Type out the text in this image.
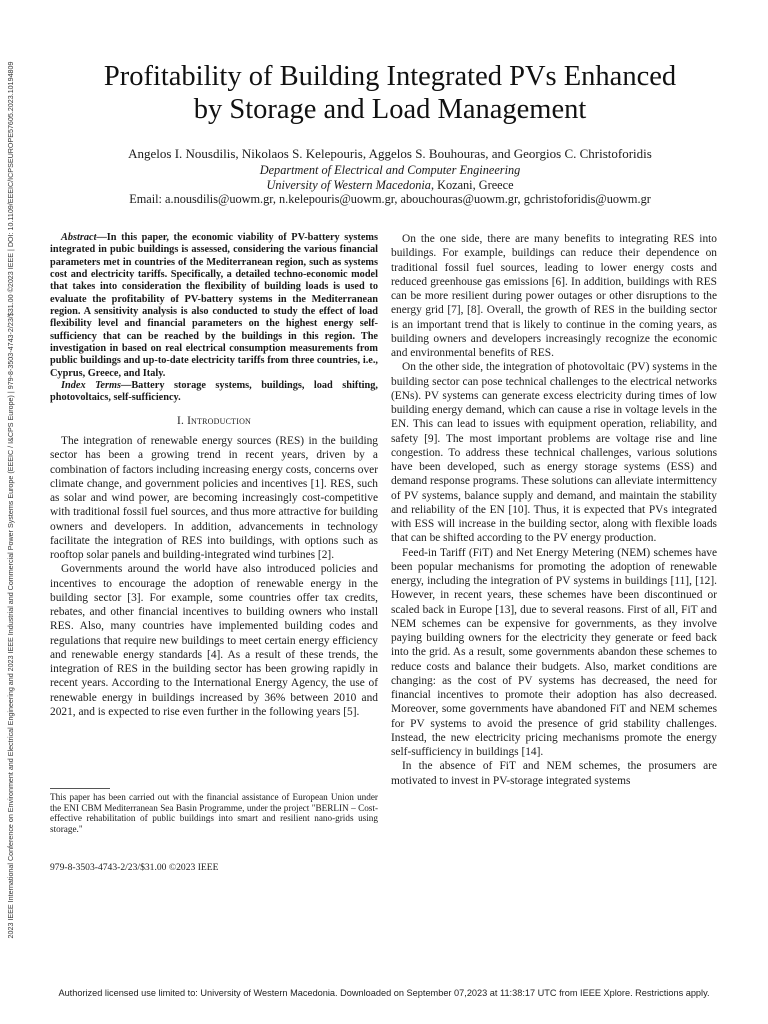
2023 IEEE International Conference on Environment and Electrical Engineering and 2023 IEEE Industrial and Commercial Power Systems Europe (EEEIC / I&CPS Europe) | 979-8-3503-4743-2/23/$31.00 ©2023 IEEE | DOI: 10.1109/EEEIC/ICPSEUROPE57605.2023.10194809	Profitability of Building Integrated PVs Enhanced
by Storage and Load Management
Angelos I. Nousdilis, Nikolaos S. Kelepouris, Aggelos S. Bouhouras, and Georgios C. Christoforidis
Department of Electrical and Computer Engineering
University of Western Macedonia, Kozani, Greece
Email: a.nousdilis@uowm.gr, n.kelepouris@uowm.gr, abouchouras@uowm.gr, gchristoforidis@uowm.gr
Abstract—In this paper, the economic viability of PV-battery systems integrated in pubic buildings is assessed, considering the various financial parameters met in countries of the Mediterranean region, such as systems cost and electricity tariffs. Specifically, a detailed techno-economic model that takes into consideration the flexibility of building loads is used to evaluate the profitability of PV-battery systems in the Mediterranean region. A sensitivity analysis is also conducted to study the effect of load flexibility level and financial parameters on the highest energy self-sufficiency that can be reached by the buildings in this region. The investigation in based on real electrical consumption measurements from public buildings and up-to-date electricity tariffs from three countries, i.e., Cyprus, Greece, and Italy.
Index Terms—Battery storage systems, buildings, load shifting, photovoltaics, self-sufficiency.
I. Introduction

The integration of renewable energy sources (RES) in the building sector has been a growing trend in recent years, driven by a combination of factors including increasing energy costs, concerns over climate change, and government policies and incentives [1]. RES, such as solar and wind power, are becoming increasingly cost-competitive with traditional fossil fuel sources, and thus more attractive for building owners and developers. In addition, advancements in technology facilitate the integration of RES into buildings, with options such as rooftop solar panels and building-integrated wind turbines [2].

Governments around the world have also introduced policies and incentives to encourage the adoption of renewable energy in the building sector [3]. For example, some countries offer tax credits, rebates, and other financial incentives to building owners who install RES. Also, many countries have implemented building codes and regulations that require new buildings to meet certain energy efficiency and renewable energy standards [4]. As a result of these trends, the integration of RES in the building sector has been growing rapidly in recent years. According to the International Energy Agency, the use of renewable energy in buildings increased by 36% between 2010 and 2021, and is expected to rise even further in the following years [5].

This paper has been carried out with the financial assistance of European Union under the ENI CBM Mediterranean Sea Basin Programme, under the project "BERLIN – Cost-effective rehabilitation of public buildings into smart and resilient nano-grids using storage."
979-8-3503-4743-2/23/$31.00 ©2023 IEEE

On the one side, there are many benefits to integrating RES into buildings. For example, buildings can reduce their dependence on traditional fossil fuel sources, leading to lower energy costs and reduced greenhouse gas emissions [6]. In addition, buildings with RES can be more resilient during power outages or other disruptions to the energy grid [7], [8]. Overall, the growth of RES in the building sector is an important trend that is likely to continue in the coming years, as building owners and developers increasingly recognize the economic and environmental benefits of RES.

On the other side, the integration of photovoltaic (PV) systems in the building sector can pose technical challenges to the electrical networks (ENs). PV systems can generate excess electricity during times of low building energy demand, which can cause a rise in voltage levels in the EN. This can lead to issues with equipment operation, reliability, and safety [9]. The most important problems are voltage rise and line congestion. To address these technical challenges, various solutions have been developed, such as energy storage systems (ESS) and demand response programs. These solutions can alleviate intermittency of PV systems, balance supply and demand, and maintain the stability and reliability of the EN [10]. Thus, it is expected that PVs integrated with ESS will increase in the building sector, along with flexible loads that can be shifted according to the PV energy production.

Feed-in Tariff (FiT) and Net Energy Metering (NEM) schemes have been popular mechanisms for promoting the adoption of renewable energy, including the integration of PV systems in buildings [11], [12]. However, in recent years, these schemes have been discontinued or scaled back in Europe [13], due to several reasons. First of all, FiT and NEM schemes can be expensive for governments, as they involve paying building owners for the electricity they generate or feed back into the grid. As a result, some governments abandon these schemes to reduce costs and balance their budgets. Also, market conditions are changing: as the cost of PV systems has decreased, the need for financial incentives to promote their adoption has also decreased. Moreover, some governments have abandoned FiT and NEM schemes for PV systems to avoid the presence of grid stability challenges. Instead, the new electricity pricing mechanisms promote the energy self-sufficiency in buildings [14].

In the absence of FiT and NEM schemes, the prosumers are motivated to invest in PV-storage integrated systems

Authorized licensed use limited to: University of Western Macedonia. Downloaded on September 07,2023 at 11:38:17 UTC from IEEE Xplore. Restrictions apply.
